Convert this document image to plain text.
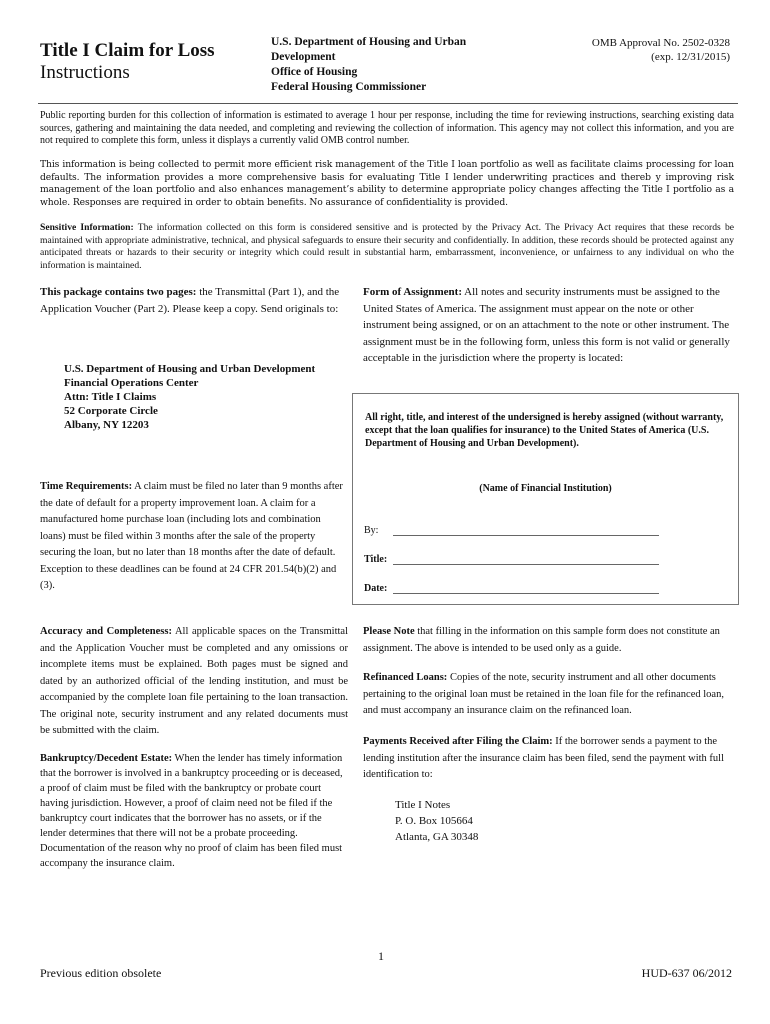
Title I Claim for Loss
Instructions
U.S. Department of Housing and Urban
Development
Office of Housing
Federal Housing Commissioner
OMB Approval No. 2502-0328
(exp. 12/31/2015)
Public reporting burden for this collection of information is estimated to average 1 hour per response, including the time for reviewing instructions, searching existing data sources, gathering and maintaining the data needed, and completing and reviewing the collection of information. This agency may not collect this information, and you are not required to complete this form, unless it displays a currently valid OMB control number.
This information is being collected to permit more efficient risk management of the Title I loan portfolio as well as facilitate claims processing for loan defaults. The information provides a more comprehensive basis for evaluating Title I lender underwriting practices and thereb y improving risk management of the loan portfolio and also enhances management’s ability to determine appropriate policy changes affecting the Title I portfolio as a whole. Responses are required in order to obtain benefits. No assurance of confidentiality is provided.
Sensitive Information: The information collected on this form is considered sensitive and is protected by the Privacy Act. The Privacy Act requires that these records be maintained with appropriate administrative, technical, and physical safeguards to ensure their security and confidentially. In addition, these records should be protected against any anticipated threats or hazards to their security or integrity which could result in substantial harm, embarrassment, inconvenience, or unfairness to any individual on who the information is maintained.
This package contains two pages: the Transmittal (Part 1), and the Application Voucher (Part 2). Please keep a copy. Send originals to:
U.S. Department of Housing and Urban Development
Financial Operations Center
Attn: Title I Claims
52 Corporate Circle
Albany, NY 12203
Time Requirements: A claim must be filed no later than 9 months after the date of default for a property improvement loan. A claim for a manufactured home purchase loan (including lots and combination loans) must be filed within 3 months after the sale of the property securing the loan, but no later than 18 months after the date of default. Exception to these deadlines can be found at 24 CFR 201.54(b)(2) and (3).
Accuracy and Completeness: All applicable spaces on the Transmittal and the Application Voucher must be completed and any omissions or incomplete items must be explained. Both pages must be signed and dated by an authorized official of the lending institution, and must be accompanied by the complete loan file pertaining to the loan transaction. The original note, security instrument and any related documents must be submitted with the claim.
Bankruptcy/Decedent Estate: When the lender has timely information that the borrower is involved in a bankruptcy proceeding or is deceased, a proof of claim must be filed with the bankruptcy or probate court having jurisdiction. However, a proof of claim need not be filed if the bankruptcy court indicates that the borrower has no assets, or if the lender determines that there will not be a probate proceeding. Documentation of the reason why no proof of claim has been filed must accompany the insurance claim.
Form of Assignment: All notes and security instruments must be assigned to the United States of America. The assignment must appear on the note or other instrument being assigned, or on an attachment to the note or other instrument. The assignment must be in the following form, unless this form is not valid or generally acceptable in the jurisdiction where the property is located:
All right, title, and interest of the undersigned is hereby assigned (without warranty, except that the loan qualifies for insurance) to the United States of America (U.S. Department of Housing and Urban Development).
(Name of Financial Institution)
By:
Title:
Date:
Please Note that filling in the information on this sample form does not constitute an assignment. The above is intended to be used only as a guide.
Refinanced Loans: Copies of the note, security instrument and all other documents pertaining to the original loan must be retained in the loan file for the refinanced loan, and must accompany an insurance claim on the refinanced loan.
Payments Received after Filing the Claim: If the borrower sends a payment to the lending institution after the insurance claim has been filed, send the payment with full identification to:
Title I Notes
P. O. Box 105664
Atlanta, GA 30348
1
Previous edition obsolete	HUD-637 06/2012
